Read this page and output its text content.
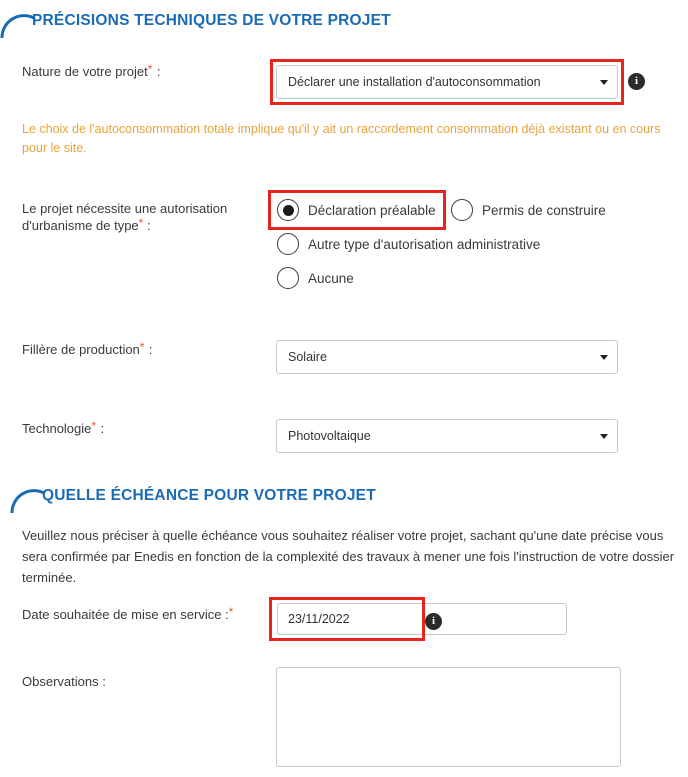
PRÉCISIONS TECHNIQUES DE VOTRE PROJET
Nature de votre projet* :
Déclarer une installation d'autoconsommation	i
Le choix de l'autoconsommation totale implique qu'il y ait un raccordement consommation déjà existant ou en cours pour le site.
Le projet nécessite une autorisation
d'urbanisme de type* :
Déclaration préalable	Permis de construire
Autre type d'autorisation administrative
Aucune
Fillère de production* :	Solaire
Technologie* :	Photovoltaique
QUELLE ÉCHÉANCE POUR VOTRE PROJET
Veuillez nous préciser à quelle échéance vous souhaitez réaliser votre projet, sachant qu'une date précise vous sera confirmée par Enedis en fonction de la complexité des travaux à mener une fois l'instruction de votre dossier terminée.
Date souhaitée de mise en service :*	23/11/2022	i
Observations :
